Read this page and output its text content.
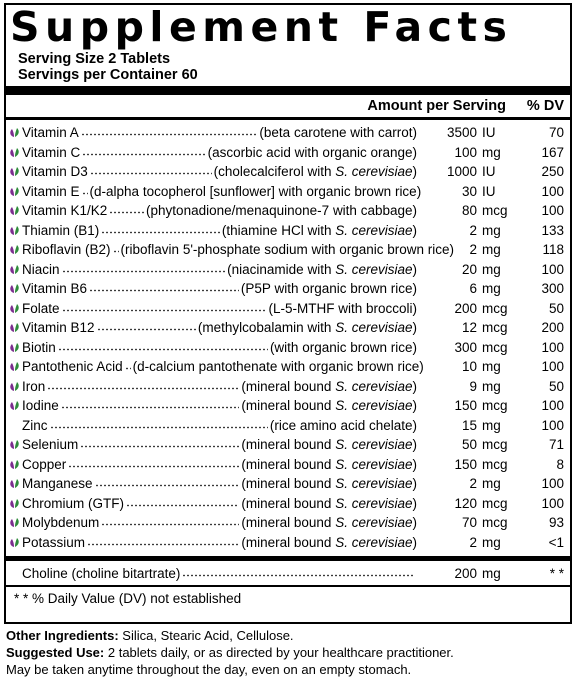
Supplement Facts
Serving Size 2 Tablets
Servings per Container 60
Amount per Serving	% DV
Vitamin A	(beta carotene with carrot)	3500 IU	70
Vitamin C	(ascorbic acid with organic orange)	100 mg	167
Vitamin D3	(cholecalciferol with S. cerevisiae)	1000 IU	250
Vitamin E (d-alpha tocopherol [sunflower] with organic brown rice)	30 IU	100
Vitamin K1/K2	(phytonadione/menaquinone-7 with cabbage)	80 mcg	100
Thiamin (B1)	(thiamine HCl with S. cerevisiae)	2 mg	133
Riboflavin (B2) (riboflavin 5'-phosphate sodium with organic brown rice)	2 mg	118
Niacin	(niacinamide with S. cerevisiae)	20 mg	100
Vitamin B6	(P5P with organic brown rice)	6 mg	300
Folate	(L-5-MTHF with broccoli)	200 mcg	50
Vitamin B12	(methylcobalamin with S. cerevisiae)	12 mcg	200
Biotin	(with organic brown rice)	300 mcg	100
Pantothenic Acid (d-calcium pantothenate with organic brown rice)	10 mg	100
Iron	(mineral bound S. cerevisiae)	9 mg	50
Iodine	(mineral bound S. cerevisiae)	150 mcg	100
Zinc	(rice amino acid chelate)	15 mg	100
Selenium	(mineral bound S. cerevisiae)	50 mcg	71
Copper	(mineral bound S. cerevisiae)	150 mcg	8
Manganese	(mineral bound S. cerevisiae)	2 mg	100
Chromium (GTF)	(mineral bound S. cerevisiae)	120 mcg	100
Molybdenum	(mineral bound S. cerevisiae)	70 mcg	93
Potassium	(mineral bound S. cerevisiae)	2 mg	<1
Choline (choline bitartrate)	200 mg	* *
* * % Daily Value (DV) not established
Other Ingredients: Silica, Stearic Acid, Cellulose.
Suggested Use: 2 tablets daily, or as directed by your healthcare practitioner.
May be taken anytime throughout the day, even on an empty stomach.
